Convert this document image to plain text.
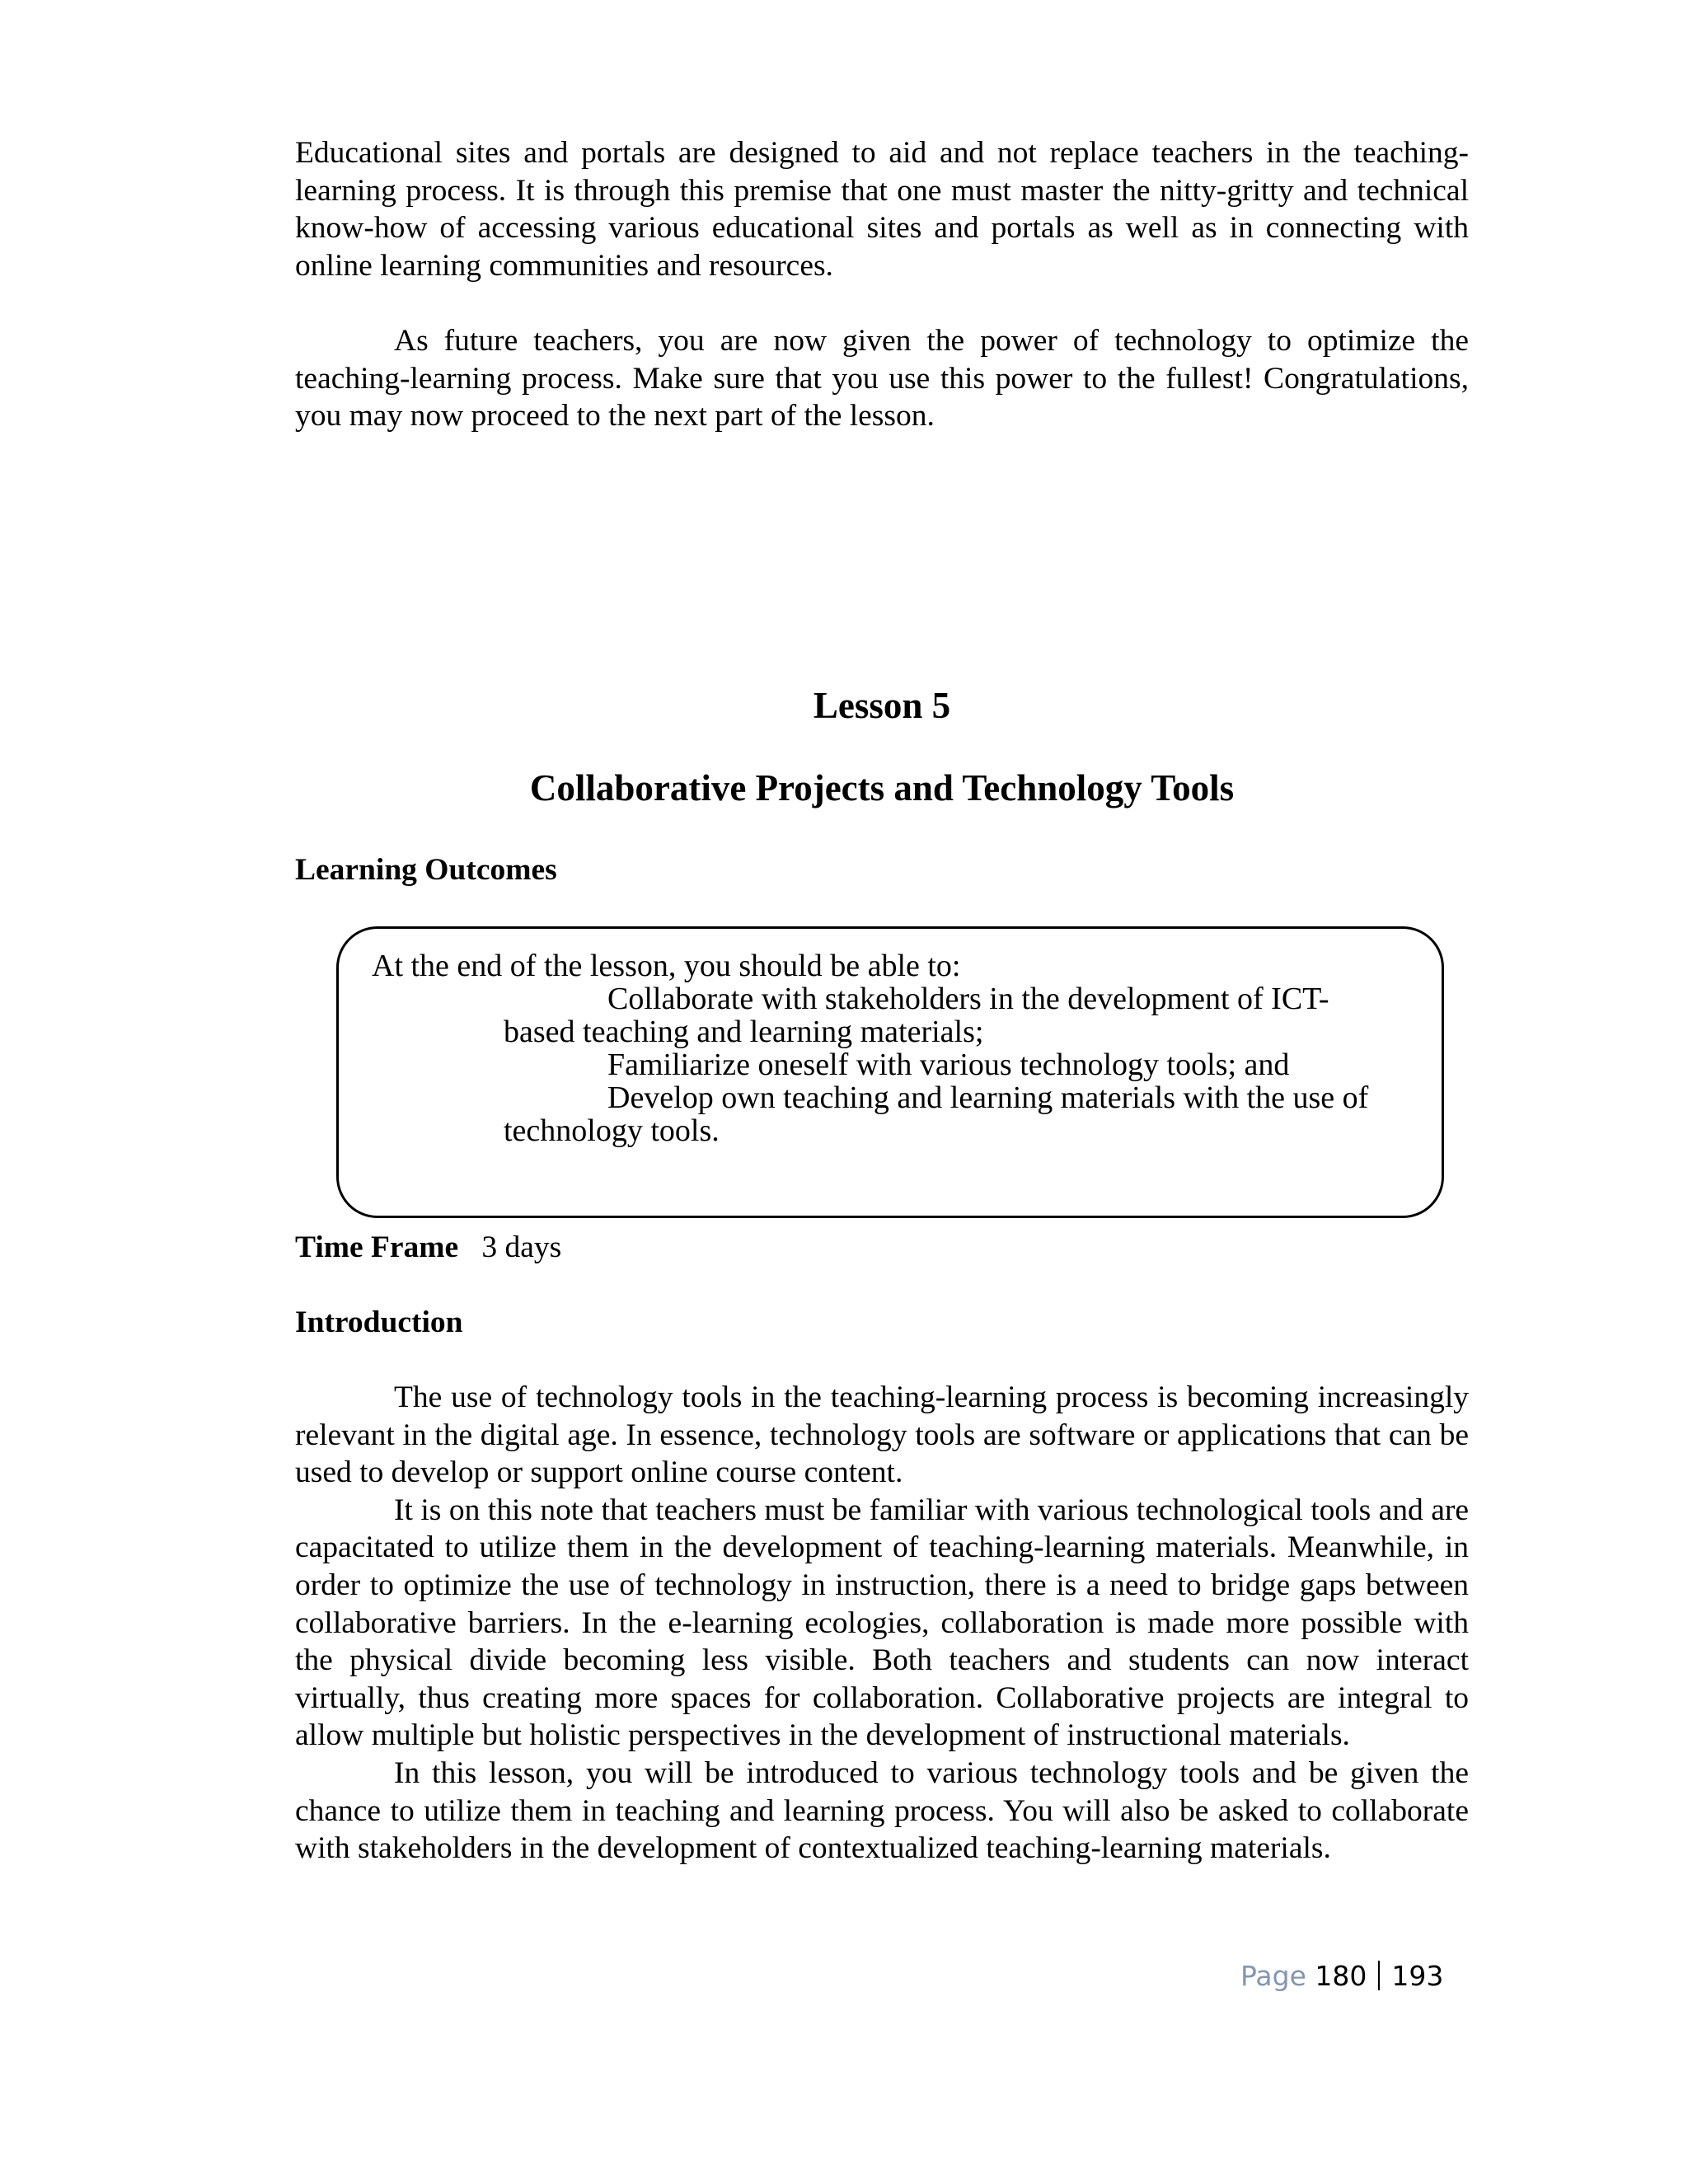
Educational sites and portals are designed to aid and not replace teachers in the teaching-learning process. It is through this premise that one must master the nitty-gritty and technical know-how of accessing various educational sites and portals as well as in connecting with online learning communities and resources.

As future teachers, you are now given the power of technology to optimize the teaching-learning process. Make sure that you use this power to the fullest! Congratulations, you may now proceed to the next part of the lesson.

Lesson 5
Collaborative Projects and Technology Tools
Learning Outcomes
At the end of the lesson, you should be able to:
Collaborate with stakeholders in the development of ICT-
based teaching and learning materials;
Familiarize oneself with various technology tools; and
Develop own teaching and learning materials with the use of
technology tools.
Time Frame 3 days
Introduction

The use of technology tools in the teaching-learning process is becoming increasingly relevant in the digital age. In essence, technology tools are software or applications that can be used to develop or support online course content.

It is on this note that teachers must be familiar with various technological tools and are capacitated to utilize them in the development of teaching-learning materials. Meanwhile, in order to optimize the use of technology in instruction, there is a need to bridge gaps between collaborative barriers. In the e-learning ecologies, collaboration is made more possible with the physical divide becoming less visible. Both teachers and students can now interact virtually, thus creating more spaces for collaboration. Collaborative projects are integral to allow multiple but holistic perspectives in the development of instructional materials.

In this lesson, you will be introduced to various technology tools and be given the chance to utilize them in teaching and learning process. You will also be asked to collaborate with stakeholders in the development of contextualized teaching-learning materials.

Page 180 193
